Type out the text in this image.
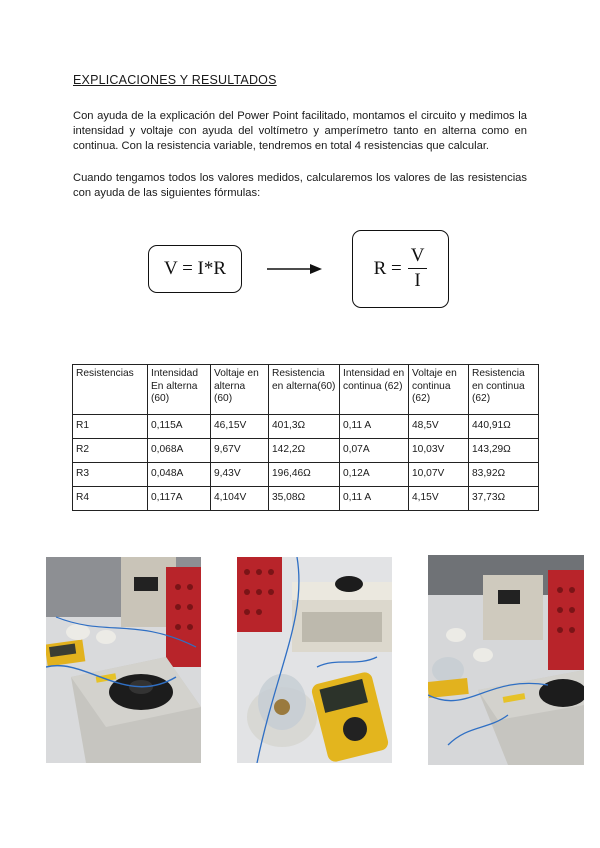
EXPLICACIONES Y RESULTADOS

Con ayuda de la explicación del Power Point facilitado, montamos el circuito y medimos la intensidad y voltaje con ayuda del voltímetro y amperímetro tanto en alterna como en continua. Con la resistencia variable, tendremos en total 4 resistencias que calcular.

Cuando tengamos todos los valores medidos, calcularemos los valores de las resistencias con ayuda de las siguientes fórmulas:

V = I*R	$R = \frac{V}{I}$
Resistencias	Intensidad En alterna (60)	Voltaje en alterna (60)	Resistencia en alterna(60)	Intensidad en continua (62)	Voltaje en continua (62)	Resistencia en continua (62)
R1	0,115A	46,15V	401,3Ω	0,11 A	48,5V	440,91Ω
R2	0,068A	9,67V	142,2Ω	0,07A	10,03V	143,29Ω
R3	0,048A	9,43V	196,46Ω	0,12A	10,07V	83,92Ω
R4	0,117A	4,104V	35,08Ω	0,11 A	4,15V	37,73Ω
